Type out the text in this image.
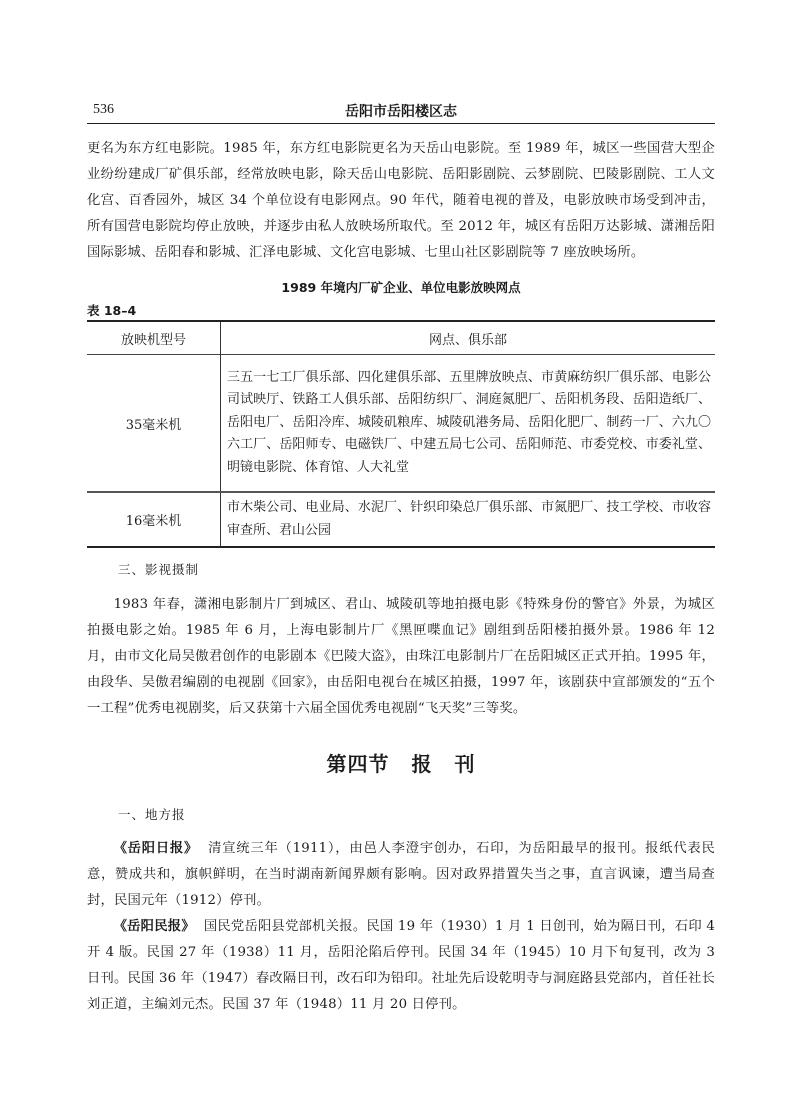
536	岳阳市岳阳楼区志

更名为东方红电影院。1985 年，东方红电影院更名为天岳山电影院。至 1989 年，城区一些国营大型企业纷纷建成厂矿俱乐部，经常放映电影，除天岳山电影院、岳阳影剧院、云梦剧院、巴陵影剧院、工人文化宫、百香园外，城区 34 个单位设有电影网点。90 年代，随着电视的普及，电影放映市场受到冲击，所有国营电影院均停止放映，并逐步由私人放映场所取代。至 2012 年，城区有岳阳万达影城、潇湘岳阳国际影城、岳阳春和影城、汇泽电影城、文化宫电影城、七里山社区影剧院等 7 座放映场所。

1989 年境内厂矿企业、单位电影放映网点
表 18–4
放映机型号	网点、俱乐部
35毫米机	三五一七工厂俱乐部、四化建俱乐部、五里牌放映点、市黄麻纺织厂俱乐部、电影公司试映厅、铁路工人俱乐部、岳阳纺织厂、洞庭氮肥厂、岳阳机务段、岳阳造纸厂、岳阳电厂、岳阳冷库、城陵矶粮库、城陵矶港务局、岳阳化肥厂、制药一厂、六九〇六工厂、岳阳师专、电磁铁厂、中建五局七公司、岳阳师范、市委党校、市委礼堂、明镜电影院、体育馆、人大礼堂
16毫米机	市木柴公司、电业局、水泥厂、针织印染总厂俱乐部、市氮肥厂、技工学校、市收容审查所、君山公园
三、影视摄制

1983 年春，潇湘电影制片厂到城区、君山、城陵矶等地拍摄电影《特殊身份的警官》外景，为城区拍摄电影之始。1985 年 6 月，上海电影制片厂《黑匣喋血记》剧组到岳阳楼拍摄外景。1986 年 12 月，由市文化局吴傲君创作的电影剧本《巴陵大盗》，由珠江电影制片厂在岳阳城区正式开拍。1995 年，由段华、吴傲君编剧的电视剧《回家》，由岳阳电视台在城区拍摄，1997 年，该剧获中宣部颁发的“五个一工程”优秀电视剧奖，后又获第十六届全国优秀电视剧“飞天奖”三等奖。

第四节 报 刊
一、地方报

《岳阳日报》 清宣统三年（1911），由邑人李澄宇创办，石印，为岳阳最早的报刊。报纸代表民意，赞成共和，旗帜鲜明，在当时湖南新闻界颇有影响。因对政界措置失当之事，直言讽谏，遭当局查封，民国元年（1912）停刊。

《岳阳民报》 国民党岳阳县党部机关报。民国 19 年（1930）1 月 1 日创刊，始为隔日刊，石印 4 开 4 版。民国 27 年（1938）11 月，岳阳沦陷后停刊。民国 34 年（1945）10 月下旬复刊，改为 3 日刊。民国 36 年（1947）春改隔日刊，改石印为铅印。社址先后设乾明寺与洞庭路县党部内，首任社长刘正道，主编刘元杰。民国 37 年（1948）11 月 20 日停刊。
